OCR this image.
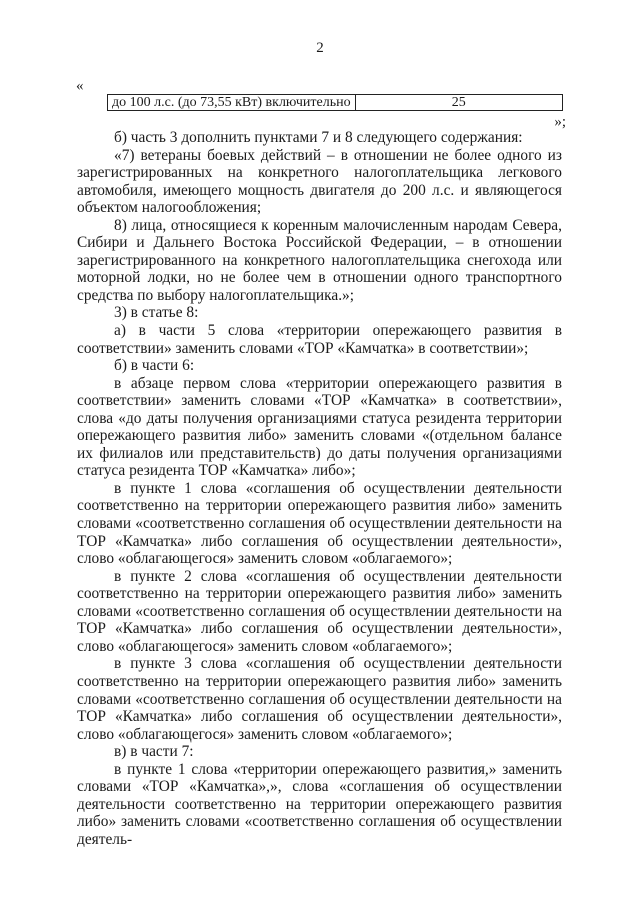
2
«
до 100 л.с. (до 73,55 кВт) включительно	25
»;

б) часть 3 дополнить пунктами 7 и 8 следующего содержания:

«7) ветераны боевых действий – в отношении не более одного из зарегистрированных на конкретного налогоплательщика легкового автомобиля, имеющего мощность двигателя до 200 л.с. и являющегося объектом налогообложения;

8) лица, относящиеся к коренным малочисленным народам Севера, Сибири и Дальнего Востока Российской Федерации, – в отношении зарегистрированного на конкретного налогоплательщика снегохода или моторной лодки, но не более чем в отношении одного транспортного средства по выбору налогоплательщика.»;

3) в статье 8:

а) в части 5 слова «территории опережающего развития в соответствии» заменить словами «ТОР «Камчатка» в соответствии»;

б) в части 6:

в абзаце первом слова «территории опережающего развития в соответствии» заменить словами «ТОР «Камчатка» в соответствии», слова «до даты получения организациями статуса резидента территории опережающего развития либо» заменить словами «(отдельном балансе их филиалов или представительств) до даты получения организациями статуса резидента ТОР «Камчатка» либо»;

в пункте 1 слова «соглашения об осуществлении деятельности соответственно на территории опережающего развития либо» заменить словами «соответственно соглашения об осуществлении деятельности на ТОР «Камчатка» либо соглашения об осуществлении деятельности», слово «облагающегося» заменить словом «облагаемого»;

в пункте 2 слова «соглашения об осуществлении деятельности соответственно на территории опережающего развития либо» заменить словами «соответственно соглашения об осуществлении деятельности на ТОР «Камчатка» либо соглашения об осуществлении деятельности», слово «облагающегося» заменить словом «облагаемого»;

в пункте 3 слова «соглашения об осуществлении деятельности соответственно на территории опережающего развития либо» заменить словами «соответственно соглашения об осуществлении деятельности на ТОР «Камчатка» либо соглашения об осуществлении деятельности», слово «облагающегося» заменить словом «облагаемого»;

в) в части 7:

в пункте 1 слова «территории опережающего развития,» заменить словами «ТОР «Камчатка»,», слова «соглашения об осуществлении деятельности соответственно на территории опережающего развития либо» заменить словами «соответственно соглашения об осуществлении деятель-
